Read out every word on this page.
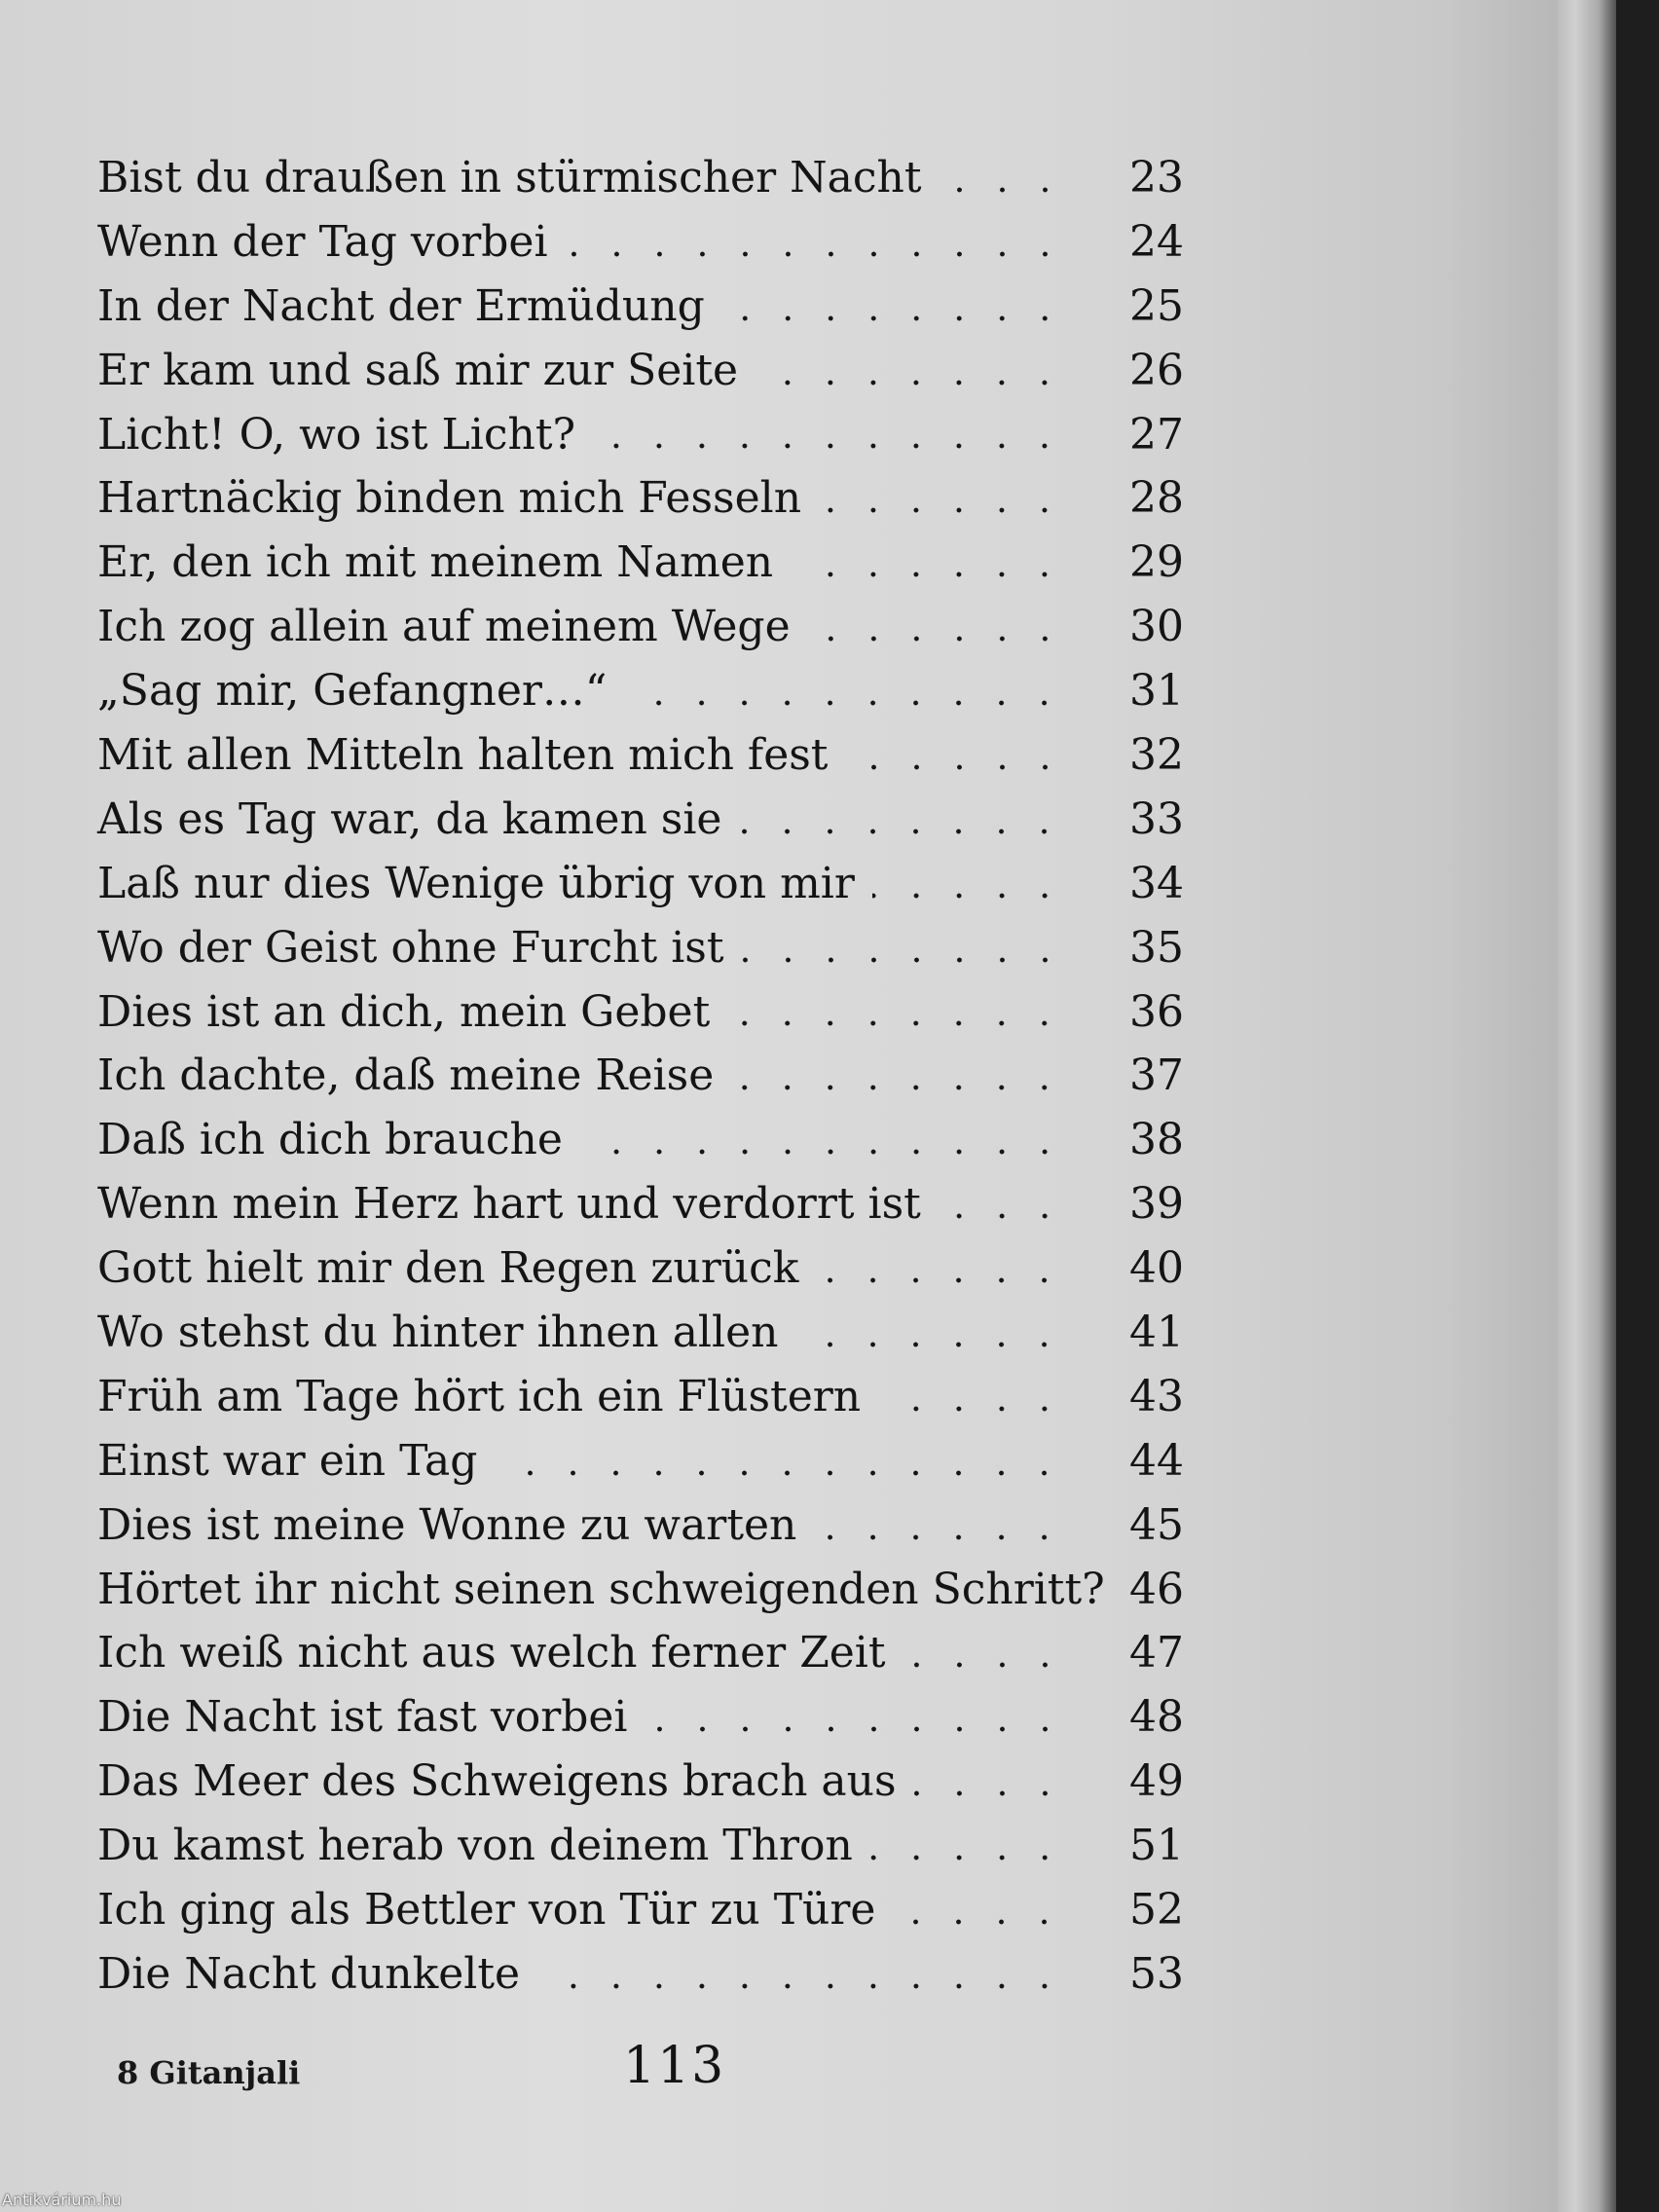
Bist du draußen in stürmischer Nacht	23
Wenn der Tag vorbei	24
In der Nacht der Ermüdung	25
Er kam und saß mir zur Seite	26
Licht! O, wo ist Licht?	27
Hartnäckig binden mich Fesseln	28
Er, den ich mit meinem Namen	29
Ich zog allein auf meinem Wege	30
„Sag mir, Gefangner…“	31
Mit allen Mitteln halten mich fest	32
Als es Tag war, da kamen sie	33
Laß nur dies Wenige übrig von mir	34
Wo der Geist ohne Furcht ist	35
Dies ist an dich, mein Gebet	36
Ich dachte, daß meine Reise	37
Daß ich dich brauche	38
Wenn mein Herz hart und verdorrt ist	39
Gott hielt mir den Regen zurück	40
Wo stehst du hinter ihnen allen	41
Früh am Tage hört ich ein Flüstern	43
Einst war ein Tag	44
Dies ist meine Wonne zu warten	45
Hörtet ihr nicht seinen schweigenden Schritt? 46
Ich weiß nicht aus welch ferner Zeit	47
Die Nacht ist fast vorbei	48
Das Meer des Schweigens brach aus	49
Du kamst herab von deinem Thron	51
Ich ging als Bettler von Tür zu Türe	52
Die Nacht dunkelte	53
8 Gitanjali	113
Antikvárium.hu
